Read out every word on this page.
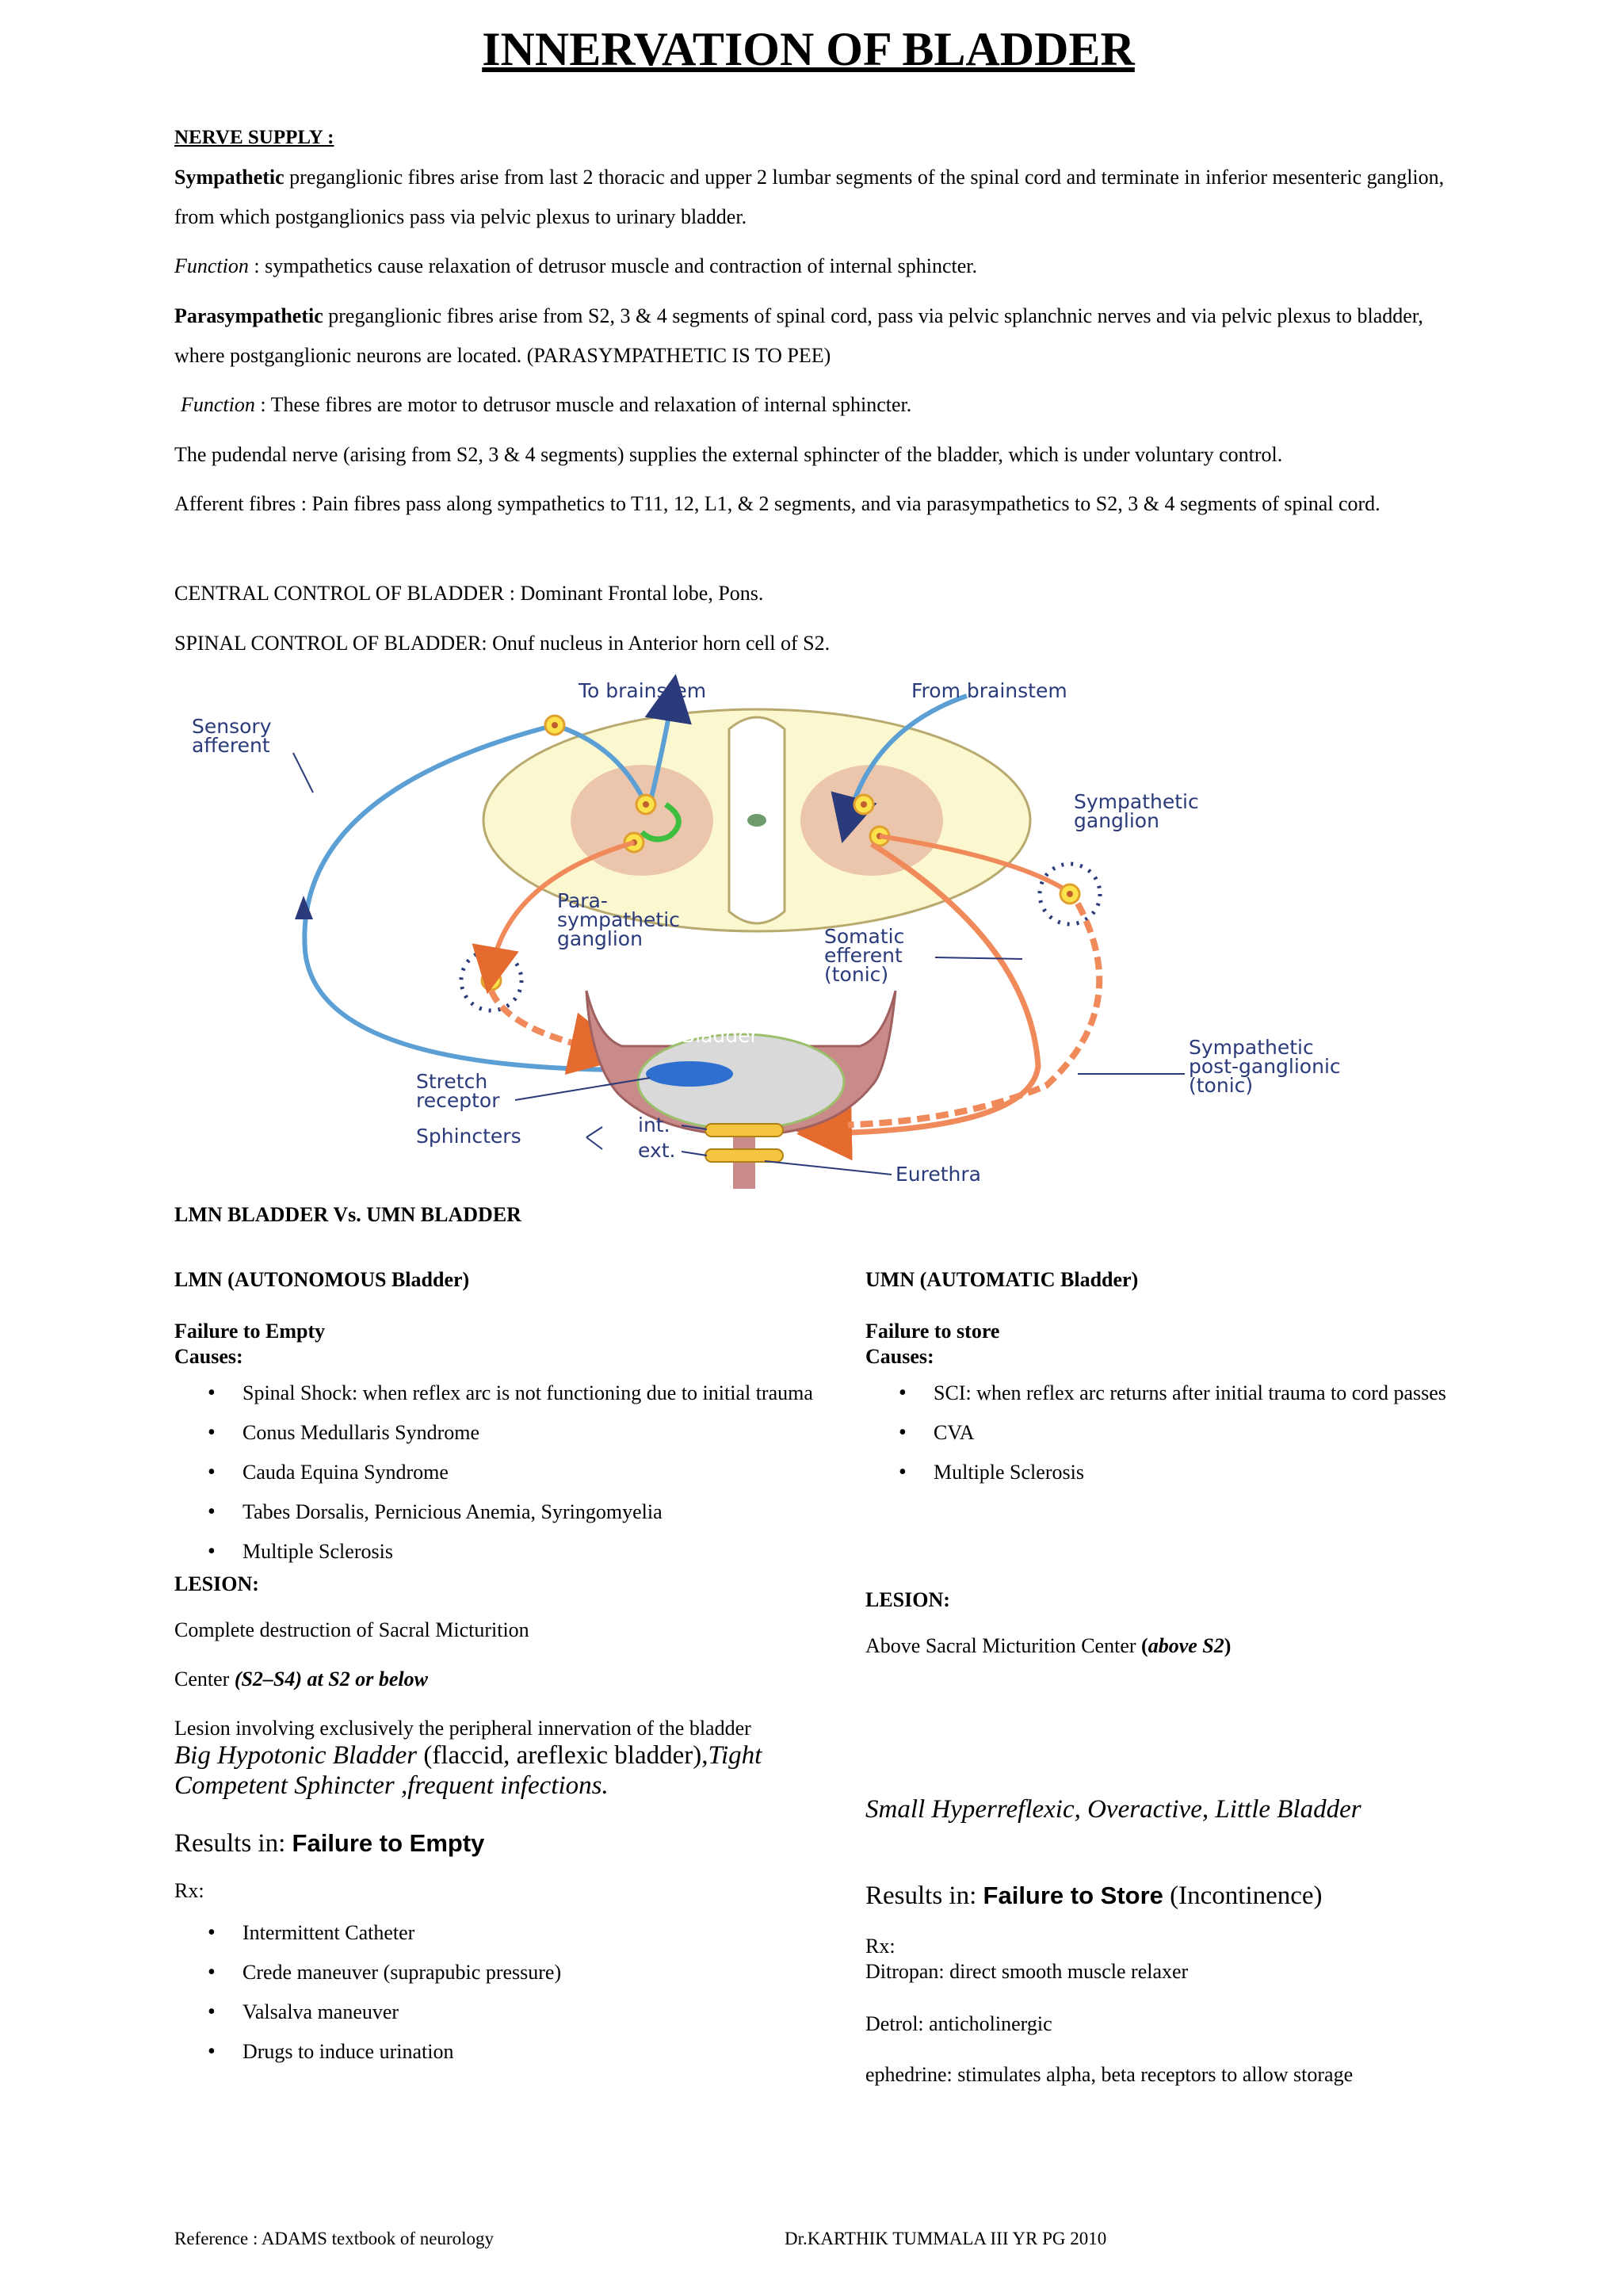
INNERVATION OF BLADDER
NERVE SUPPLY :
Sympathetic preganglionic fibres arise from last 2 thoracic and upper 2 lumbar segments of the spinal cord and terminate in inferior mesenteric ganglion, from which postganglionics pass via pelvic plexus to urinary bladder.
Function : sympathetics cause relaxation of detrusor muscle and contraction of internal sphincter.
Parasympathetic preganglionic fibres arise from S2, 3 & 4 segments of spinal cord, pass via pelvic splanchnic nerves and via pelvic plexus to bladder, where postganglionic neurons are located. (PARASYMPATHETIC IS TO PEE)
Function : These fibres are motor to detrusor muscle and relaxation of internal sphincter.
The pudendal nerve (arising from S2, 3 & 4 segments) supplies the external sphincter of the bladder, which is under voluntary control.
Afferent fibres : Pain fibres pass along sympathetics to T11, 12, L1, & 2 segments, and via parasympathetics to S2, 3 & 4 segments of spinal cord.
CENTRAL CONTROL OF BLADDER : Dominant Frontal lobe, Pons.
SPINAL CONTROL OF BLADDER: Onuf nucleus in Anterior horn cell of S2.
To brainstem	From brainstem
Sensory
afferent
Sympathetic
ganglion
Para-
sympathetic
ganglion	Somatic
efferent
(tonic)
Bladder
Stretch
receptor
Sympathetic
post-ganglionic
(tonic)
Sphincters	int.
ext.
Eurethra
LMN BLADDER Vs. UMN BLADDER
LMN (AUTONOMOUS Bladder)
Failure to Empty
Causes:
• Spinal Shock: when reflex arc is not functioning due to initial trauma
• Conus Medullaris Syndrome
• Cauda Equina Syndrome
• Tabes Dorsalis, Pernicious Anemia, Syringomyelia
• Multiple Sclerosis
LESION:
Complete destruction of Sacral Micturition
Center (S2–S4) at S2 or below
Lesion involving exclusively the peripheral innervation of the bladder
Big Hypotonic Bladder (flaccid, areflexic bladder),Tight Competent Sphincter ,frequent infections.
Results in: Failure to Empty
Rx:
• Intermittent Catheter
• Crede maneuver (suprapubic pressure)
• Valsalva maneuver
• Drugs to induce urination
UMN (AUTOMATIC Bladder)
Failure to store
Causes:
• SCI: when reflex arc returns after initial trauma to cord passes
• CVA
• Multiple Sclerosis
LESION:
Above Sacral Micturition Center (above S2)
Small Hyperreflexic, Overactive, Little Bladder
Results in: Failure to Store (Incontinence)
Rx:
Ditropan: direct smooth muscle relaxer
Detrol: anticholinergic
ephedrine: stimulates alpha, beta receptors to allow storage
Reference : ADAMS textbook of neurology	Dr.KARTHIK TUMMALA III YR PG 2010
